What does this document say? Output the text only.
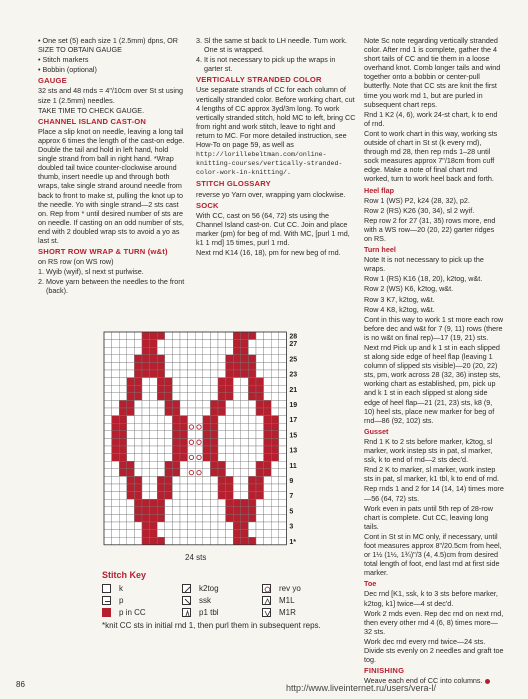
• One set (5) each size 1 (2.5mm) dpns, OR SIZE TO OBTAIN GAUGE

• Stitch markers

• Bobbin (optional)

GAUGE

32 sts and 48 rnds = 4"/10cm over St st using size 1 (2.5mm) needles.

TAKE TIME TO CHECK GAUGE.

CHANNEL ISLAND CAST-ON

Place a slip knot on needle, leaving a long tail approx 6 times the length of the cast-on edge. Double the tail and hold in left hand, hold single strand from ball in right hand. *Wrap doubled tail twice counter-clockwise around thumb, insert needle up and through both wraps, take single strand around needle from back to front to make st, pulling the knot up to the needle. Yo with single strand—2 sts cast on. Rep from * until desired number of sts are on needle. If casting on an odd number of sts, end with 2 doubled wrap sts to avoid a yo as last st.

SHORT ROW WRAP & TURN (w&t)

on RS row (on WS row)

1. Wyib (wyif), sl next st purlwise.

2. Move yarn between the needles to the front (back).

3. Sl the same st back to LH needle. Turn work. One st is wrapped.

4. It is not necessary to pick up the wraps in garter st.

VERTICALLY STRANDED COLOR

Use separate strands of CC for each column of vertically stranded color. Before working chart, cut 4 lengths of CC approx 3yd/3m long. To work vertically stranded stitch, hold MC to left, bring CC from right and work stitch, leave to right and return to MC. For more detailed instruction, see How-To on page 59, as well as

http://lorillebeltman.com/online-knitting-courses/vertically-stranded-color-work-in-knitting/.

STITCH GLOSSARY

reverse yo Yarn over, wrapping yarn clockwise.

SOCK

With CC, cast on 56 (64, 72) sts using the Channel Island cast-on. Cut CC. Join and place marker (pm) for beg of rnd. With MC, [purl 1 rnd, k1 1 rnd] 15 times, purl 1 rnd.

Next rnd K14 (16, 18), pm for new beg of rnd.

Note Sc note regarding vertically stranded color. After rnd 1 is complete, gather the 4 short tails of CC and tie them in a loose overhand knot. Comb longer tails and wind together onto a bobbin or center-pull butterfly. Note that CC sts are knit the first time you work rnd 1, but are purled in subsequent chart reps.

Rnd 1 K2 (4, 6), work 24-st chart, k to end of rnd.

Cont to work chart in this way, working sts outside of chart in St st (k every rnd), through rnd 28, then rep rnds 1–28 until sock measures approx 7"/18cm from cuff edge. Make a note of final chart rnd worked, turn to work heel back and forth.

Heel flap

Row 1 (WS) P2, k24 (28, 32), p2.

Row 2 (RS) K26 (30, 34), sl 2 wyif.

Rep row 2 for 27 (31, 35) rows more, end with a WS row—20 (20, 22) garter ridges on RS.

Turn heel

Note It is not necessary to pick up the wraps.

Row 1 (RS) K16 (18, 20), k2tog, w&t.

Row 2 (WS) K6, k2tog, w&t.

Row 3 K7, k2tog, w&t.

Row 4 K8, k2tog, w&t.

Cont in this way to work 1 st more each row before dec and w&t for 7 (9, 11) rows (there is no w&t on final rep)—17 (19, 21) sts.

Next rnd Pick up and k 1 st in each slipped st along side edge of heel flap (leaving 1 column of slipped sts visible)—20 (20, 22) sts, pm, work across 28 (32, 36) instep sts, working chart as established, pm, pick up and k 1 st in each slipped st along side edge of heel flap—21 (21, 23) sts, k8 (9, 10) heel sts, place new marker for beg of rnd—86 (92, 102) sts.

Gusset

Rnd 1 K to 2 sts before marker, k2tog, sl marker, work instep sts in pat, sl marker, ssk, k to end of rnd—2 sts dec'd.

Rnd 2 K to marker, sl marker, work instep sts in pat, sl marker, k1 tbl, k to end of rnd.

Rep rnds 1 and 2 for 14 (14, 14) times more—56 (64, 72) sts.

Work even in pats until 5th rep of 28-row chart is complete. Cut CC, leaving long tails.

Cont in St st in MC only, if necessary, until foot measures approx 8"/20.5cm from heel, or 1½ (1½, 1¾)"/3 (4, 4.5)cm from desired total length of foot, end last rnd at first side marker.

Toe

Dec rnd [K1, ssk, k to 3 sts before marker, k2tog, k1] twice—4 st dec'd.

Work 2 rnds even. Rep dec rnd on next rnd, then every other rnd 4 (6, 8) times more—32 sts.

Work dec rnd every rnd twice—24 sts. Divide sts evenly on 2 needles and graft toe tog.

FINISHING

Weave each end of CC into columns.

28
27
25
23
21
19
17
15
13
11
9
7
5
3
1*
24 sts
Stitch Key
k	k2tog	rev yo
p	ssk	M1L
p in CC	p1 tbl	M1R
*knit CC sts in initial rnd 1, then purl them in subsequent reps.
86	http://www.liveinternet.ru/users/vera-l/
